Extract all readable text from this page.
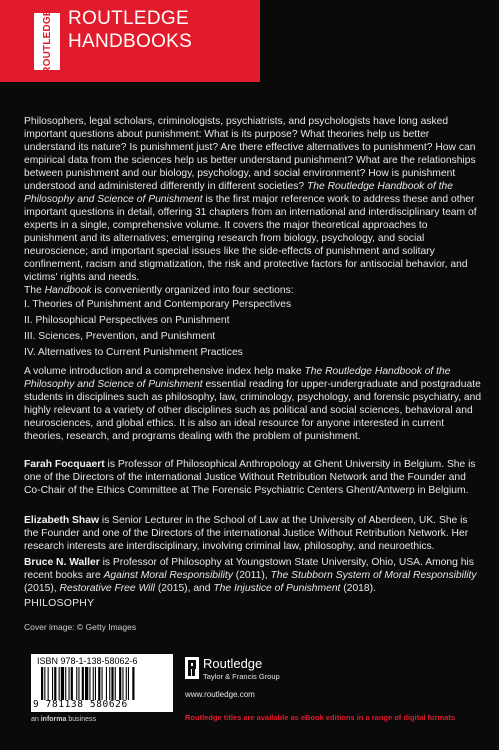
ROUTLEDGE ROUTLEDGE
HANDBOOKS
Philosophers, legal scholars, criminologists, psychiatrists, and psychologists have long asked important questions about punishment: What is its purpose? What theories help us better understand its nature? Is punishment just? Are there effective alternatives to punishment? How can empirical data from the sciences help us better understand punishment? What are the relationships between punishment and our biology, psychology, and social environment? How is punishment understood and administered differently in different societies? The Routledge Handbook of the Philosophy and Science of Punishment is the first major reference work to address these and other important questions in detail, offering 31 chapters from an international and interdisciplinary team of experts in a single, comprehensive volume. It covers the major theoretical approaches to punishment and its alternatives; emerging research from biology, psychology, and social neuroscience; and important special issues like the side-effects of punishment and solitary confinement, racism and stigmatization, the risk and protective factors for antisocial behavior, and victims' rights and needs.
The Handbook is conveniently organized into four sections:
I. Theories of Punishment and Contemporary Perspectives
II. Philosophical Perspectives on Punishment
III. Sciences, Prevention, and Punishment
IV. Alternatives to Current Punishment Practices
A volume introduction and a comprehensive index help make The Routledge Handbook of the Philosophy and Science of Punishment essential reading for upper-undergraduate and postgraduate students in disciplines such as philosophy, law, criminology, psychology, and forensic psychiatry, and highly relevant to a variety of other disciplines such as political and social sciences, behavioral and neurosciences, and global ethics. It is also an ideal resource for anyone interested in current theories, research, and programs dealing with the problem of punishment.
Farah Focquaert is Professor of Philosophical Anthropology at Ghent University in Belgium. She is one of the Directors of the international Justice Without Retribution Network and the Founder and Co-Chair of the Ethics Committee at The Forensic Psychiatric Centers Ghent/Antwerp in Belgium.
Elizabeth Shaw is Senior Lecturer in the School of Law at the University of Aberdeen, UK. She is the Founder and one of the Directors of the international Justice Without Retribution Network. Her research interests are interdisciplinary, involving criminal law, philosophy, and neuroethics.
Bruce N. Waller is Professor of Philosophy at Youngstown State University, Ohio, USA. Among his recent books are Against Moral Responsibility (2011), The Stubborn System of Moral Responsibility (2015), Restorative Free Will (2015), and The Injustice of Punishment (2018).
PHILOSOPHY
Cover image: © Getty Images
ISBN 978-1-138-58062-6
9 781138 580626
an informa business
Routledge
Taylor & Francis Group
www.routledge.com
Routledge titles are available as eBook editions in a range of digital formats
